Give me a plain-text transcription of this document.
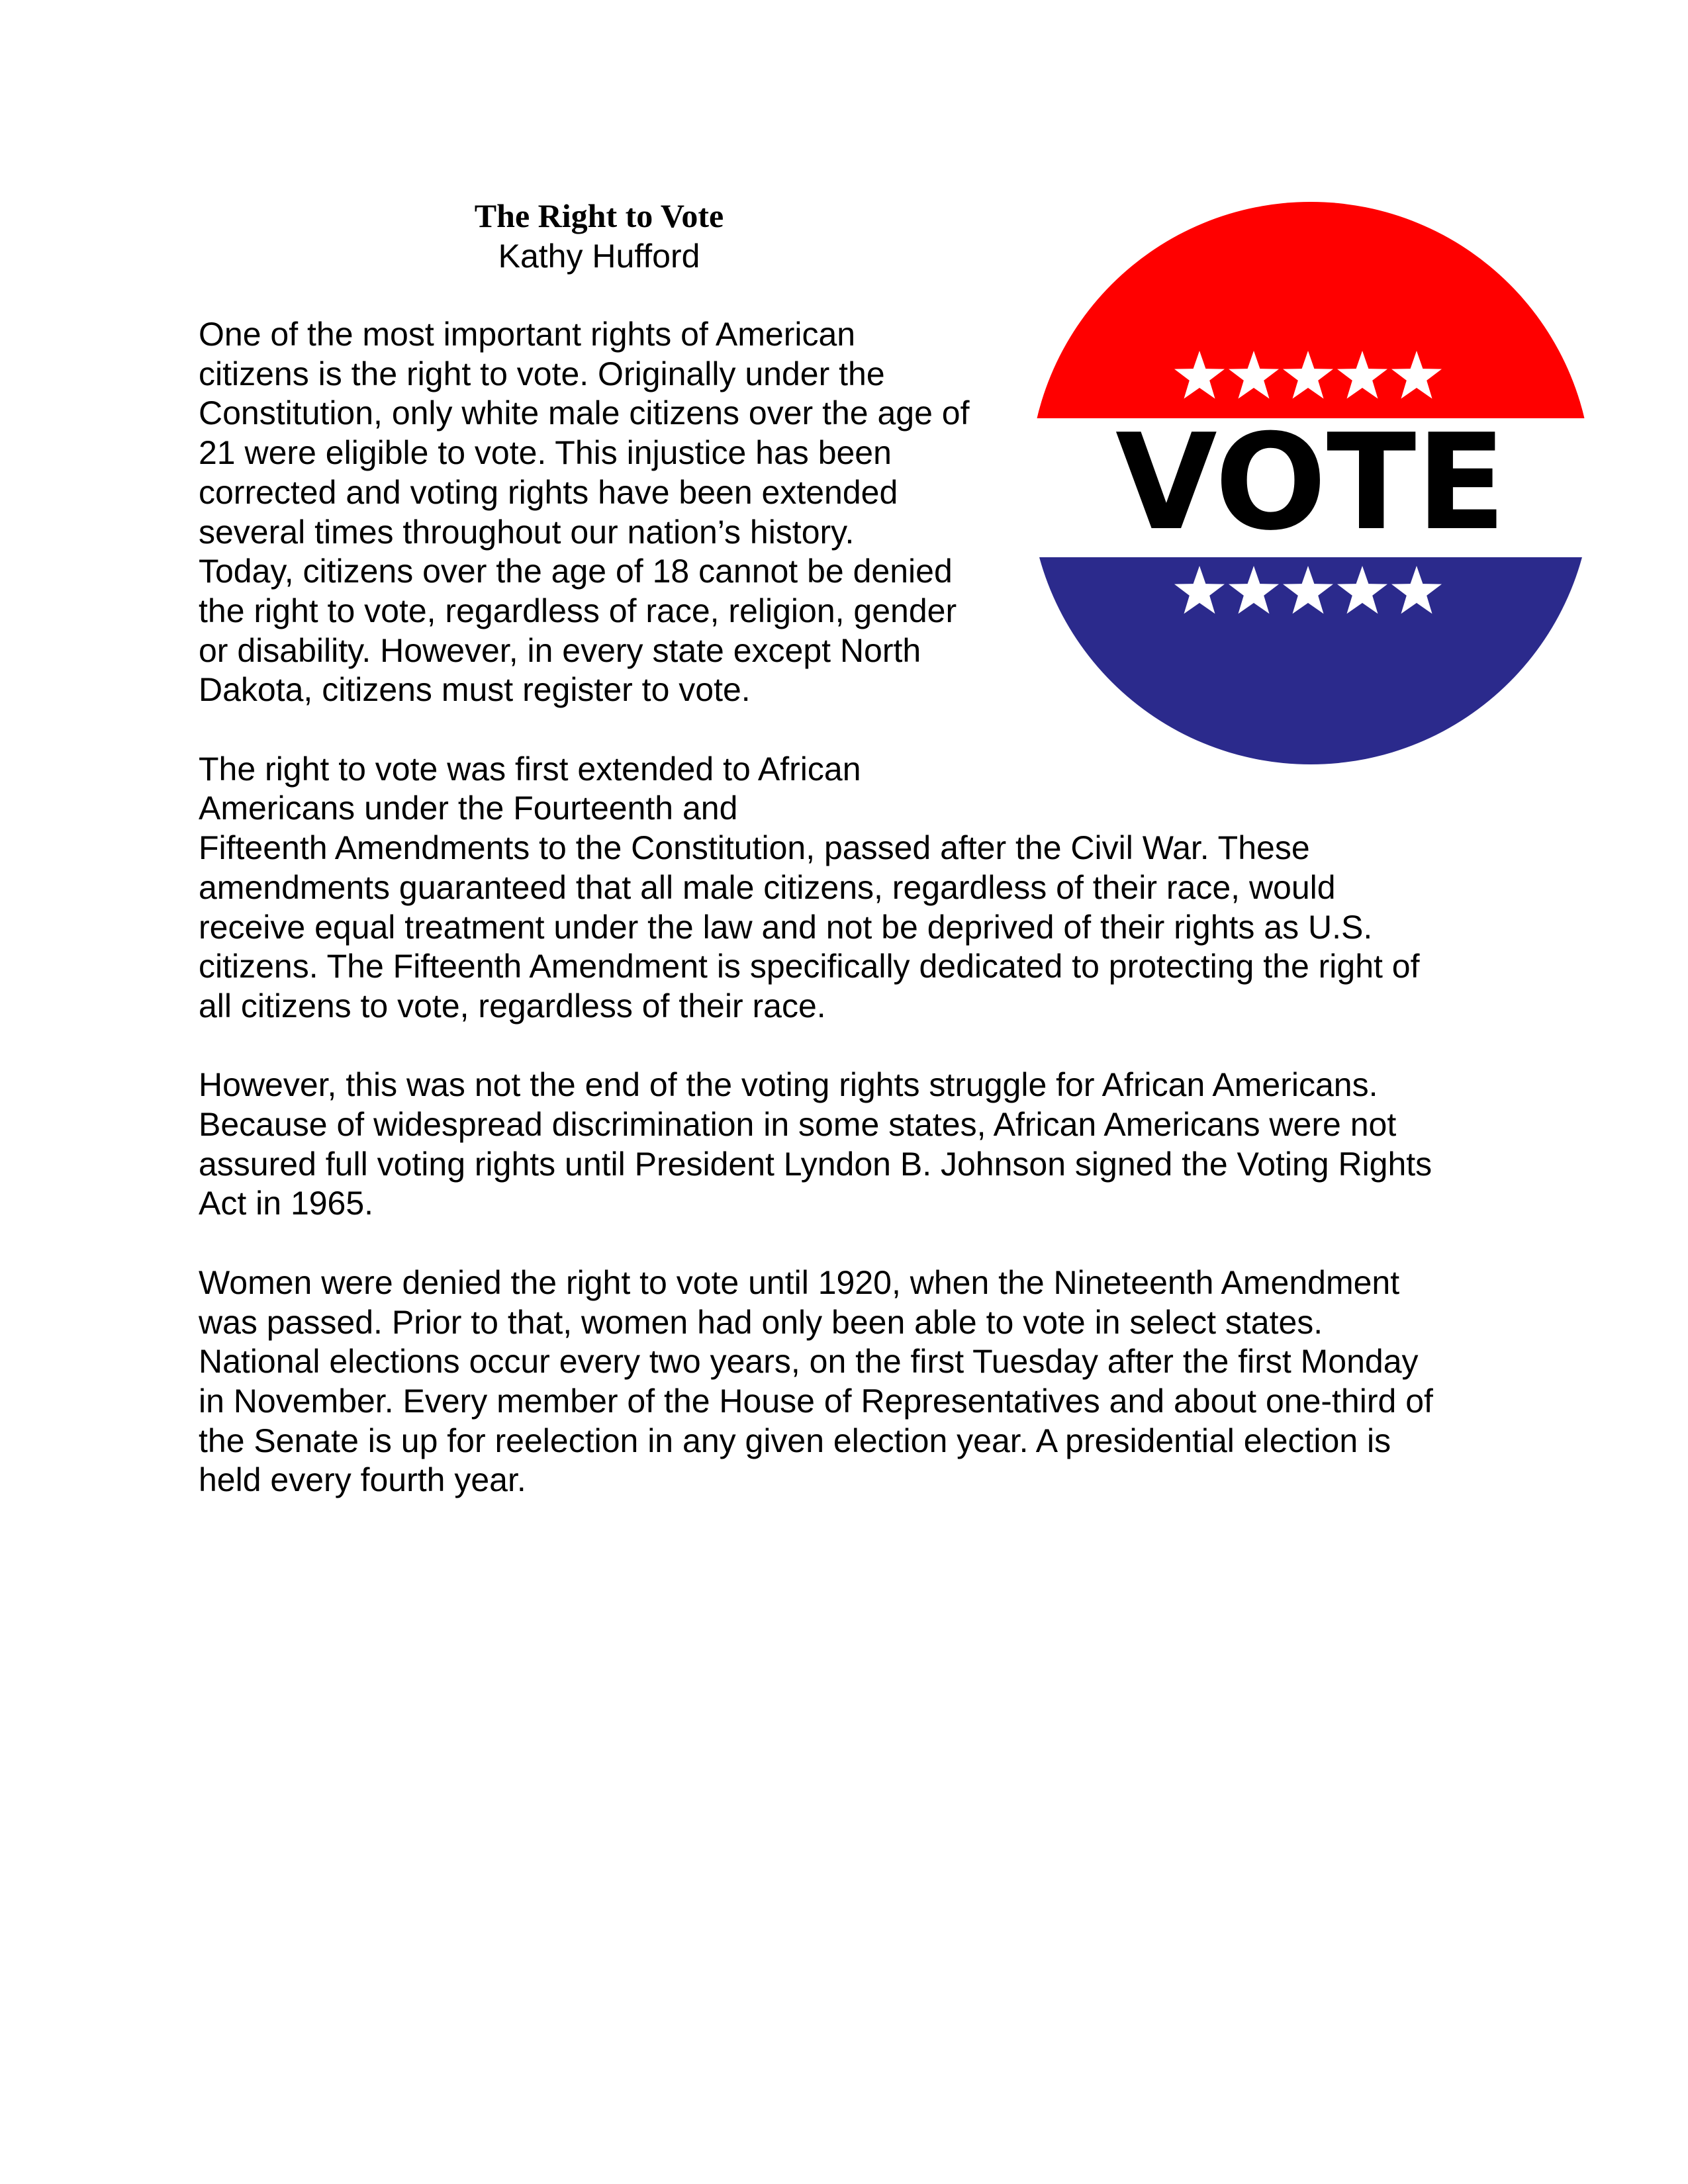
The Right to Vote

Kathy Hufford

VOTE

One of the most important rights of American
citizens is the right to vote. Originally under the
Constitution, only white male citizens over the age of
21 were eligible to vote. This injustice has been
corrected and voting rights have been extended
several times throughout our nation’s history.
Today, citizens over the age of 18 cannot be denied
the right to vote, regardless of race, religion, gender
or disability. However, in every state except North
Dakota, citizens must register to vote.

The right to vote was first extended to African
Americans under the Fourteenth and
Fifteenth Amendments to the Constitution, passed after the Civil War. These
amendments guaranteed that all male citizens, regardless of their race, would
receive equal treatment under the law and not be deprived of their rights as U.S.
citizens. The Fifteenth Amendment is specifically dedicated to protecting the right of
all citizens to vote, regardless of their race.

However, this was not the end of the voting rights struggle for African Americans.
Because of widespread discrimination in some states, African Americans were not
assured full voting rights until President Lyndon B. Johnson signed the Voting Rights
Act in 1965.

Women were denied the right to vote until 1920, when the Nineteenth Amendment
was passed. Prior to that, women had only been able to vote in select states.
National elections occur every two years, on the first Tuesday after the first Monday
in November. Every member of the House of Representatives and about one-third of
the Senate is up for reelection in any given election year. A presidential election is
held every fourth year.
